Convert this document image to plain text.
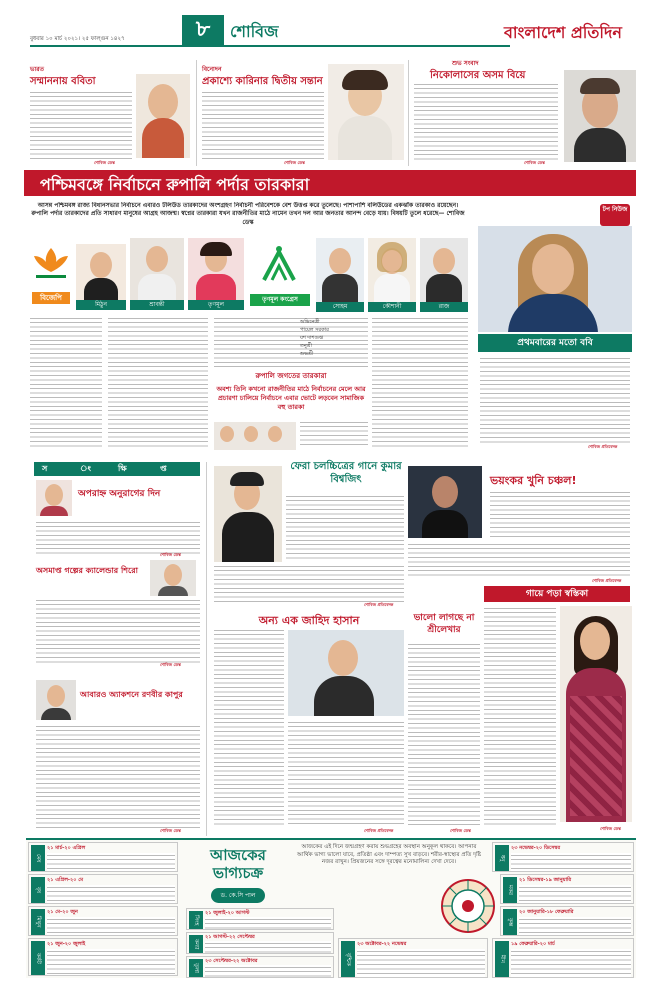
বুধবার ১০ মার্চ ২০২১। ২৫ ফাল্গুন ১৪২৭	৮	শোবিজ	বাংলাদেশ প্রতিদিন
ভারত
সম্মাননায় ববিতা
শোবিজ ডেস্ক
বিনোদন
প্রকাশ্যে কারিনার দ্বিতীয় সন্তান
শোবিজ ডেস্ক
শুভ সংবাদ
নিকোলাসের অসম বিয়ে
শোবিজ ডেস্ক
পশ্চিমবঙ্গে নির্বাচনে রুপালি পর্দার তারকারা
আসন্ন পশ্চিমবঙ্গ রাজ্য বিধানসভার নির্বাচনে এবারও টলিউড তারকাদের অংশগ্রহণ নির্বাচনী পরিবেশকে বেশ উত্তপ্ত করে তুলেছে। পাশাপাশি বলিউডের একঝাঁক তারকাও রয়েছেন। রুপালি পর্দার তারকাদের প্রতি সাধারণ মানুষের আগ্রহ আজন্ম। স্বপ্নের তারকারা যখন রাজনীতির মাঠে নামেন তখন দল আর জনতার আনন্দ বেড়ে যায়। বিষয়টি তুলে ধরেছে— শোবিজ ডেস্ক
বিজেপি
মিঠুন	শ্রাবন্তী	তৃণমূল
তৃণমূল কংগ্রেস
সোহম	কৌশানী	রাজ
রুপালি জগতের তারকারা
অবশ্য তিনি কখনো রাজনীতির মাঠে নির্বাচনের মেলে আর প্রচারণা চালিয়ে নির্বাচনে এবার ভোটে লড়বেন সামাজিক বহু তারকা
অভিনেত্রী
পায়েল সরকার
যশ দাশগুপ্ত
তনুশ্রী
শুভশ্রী
টপ নিউজ
প্রথমবারের মতো ববি
শোবিজ প্রতিবেদক
স	ং	ক্ষি	প্ত
অপরাহ্ন অনুরাগের দিন
শোবিজ ডেস্ক
অসমাপ্ত গল্পের ক্যালেন্ডার শিরো
শোবিজ ডেস্ক
আবারও অ্যাকশনে রণবীর কাপুর
শোবিজ ডেস্ক
ফেরা চলচ্চিত্রের গানে কুমার বিশ্বজিৎ
শোবিজ প্রতিবেদক
অন্য এক জাহিদ হাসান
শোবিজ প্রতিবেদক
ভালো লাগছে না শ্রীলেখার
শোবিজ ডেস্ক
ভয়ংকর খুনি চঞ্চল!
শোবিজ প্রতিবেদক
গায়ে পড়া স্বস্তিকা
শোবিজ ডেস্ক
২১ মার্চ-২০ এপ্রিল
মেষ
২১ এপ্রিল-২০ মে
বৃষ
২১ মে-২০ জুন
মিথুন
২১ জুন-২০ জুলাই
কর্কট
আজকের ভাগ্যচক্র
ড. কে.সি পাল
আজকের এই দিনে জন্মগ্রহণ করায় শুভগ্রহের অবস্থান অনুকূল থাকবে। আপনার আর্থিক ভাগ্য ভালো যাবে, প্রতিষ্ঠা এবং দাম্পত্য সুখ বাড়বে। শরীর-স্বাস্থ্যের প্রতি দৃষ্টি নজর রাখুন। প্রিয়জনের সঙ্গে দূরত্বের মনোমালিন্য দেখা দেবে।
২১ জুলাই-২০ আগস্ট
সিংহ
২১ আগস্ট-২২ সেপ্টেম্বর
কন্যা
২৩ সেপ্টেম্বর-২২ অক্টোবর
তুলা
২৩ অক্টোবর-২২ নভেম্বর
বৃশ্চিক
২৩ নভেম্বর-২০ ডিসেম্বর
ধনু
২১ ডিসেম্বর-১৯ জানুয়ারি
মকর
২০ জানুয়ারি-১৮ ফেব্রুয়ারি
কুম্ভ
১৯ ফেব্রুয়ারি-২০ মার্চ
মীন
